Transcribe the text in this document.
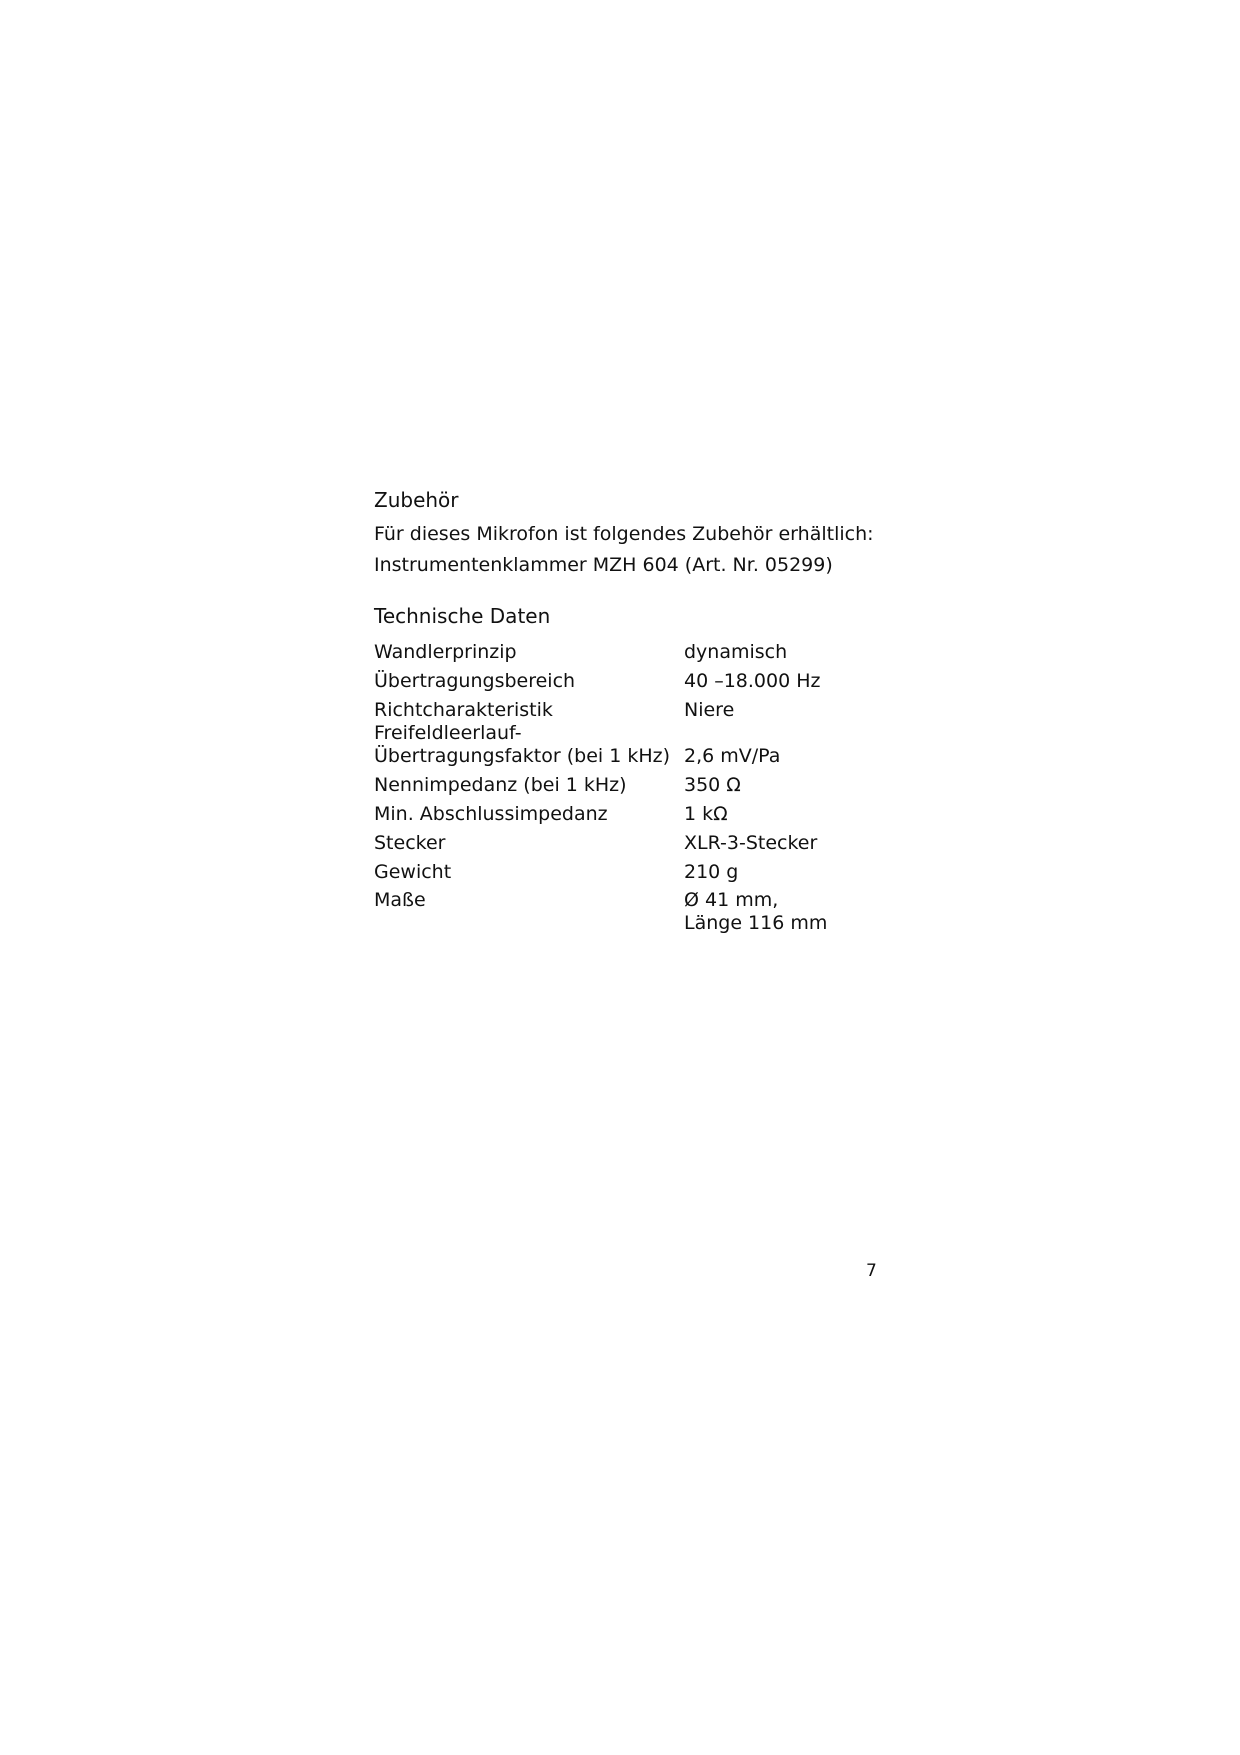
Zubehör

Für dieses Mikrofon ist folgendes Zubehör erhältlich:

Instrumentenklammer MZH 604 (Art. Nr. 05299)

Technische Daten
Wandlerprinzip	dynamisch

Übertragungsbereich	40 –18.000 Hz

Richtcharakteristik	Niere

Freifeldleerlauf-
Übertragungsfaktor (bei 1 kHz)	2,6 mV/Pa

Nennimpedanz (bei 1 kHz)	350 Ω

Min. Abschlussimpedanz	1 kΩ

Stecker	XLR-3-Stecker

Gewicht	210 g

Maße	Ø 41 mm,
Länge 116 mm
7
